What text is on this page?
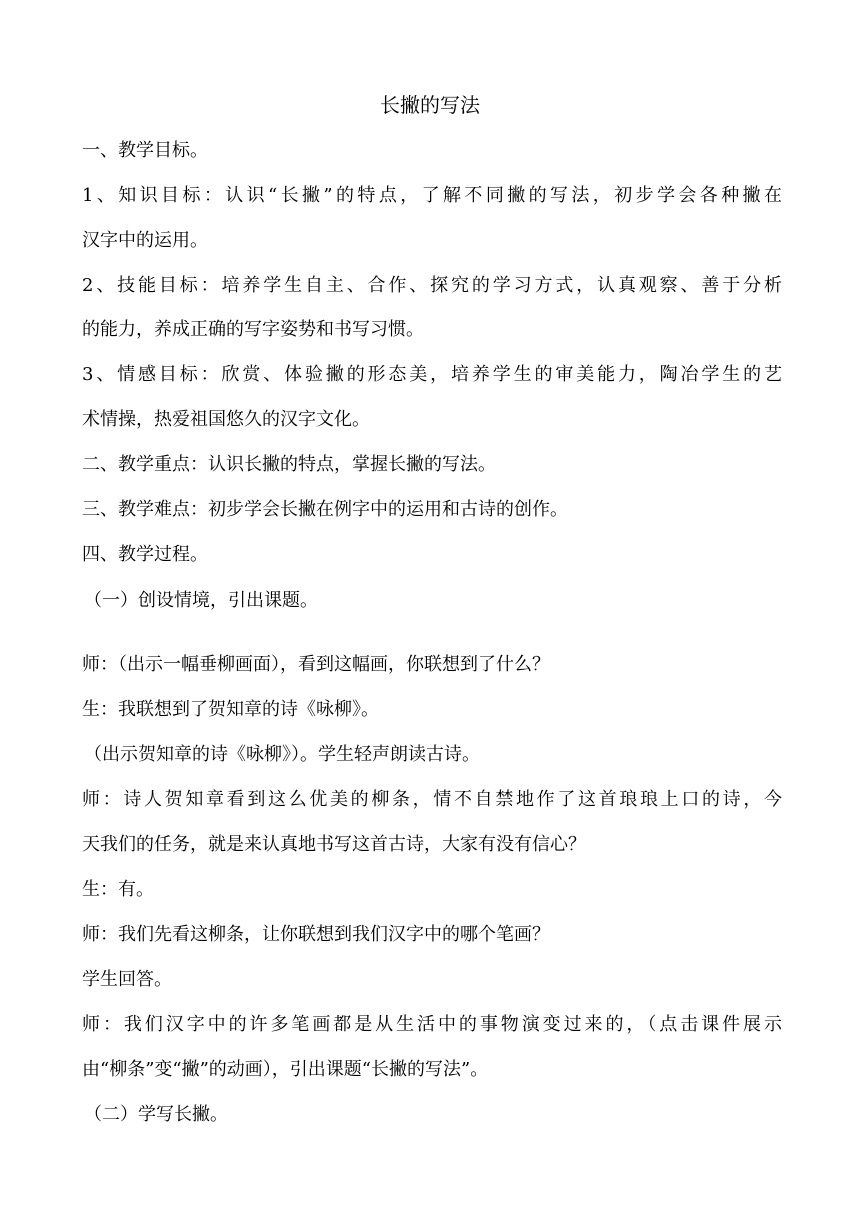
长撇的写法
一、教学目标。
1、知识目标：认识“长撇”的特点，了解不同撇的写法，初步学会各种撇在
汉字中的运用。
2、技能目标：培养学生自主、合作、探究的学习方式，认真观察、善于分析
的能力，养成正确的写字姿势和书写习惯。
3、情感目标：欣赏、体验撇的形态美，培养学生的审美能力，陶冶学生的艺
术情操，热爱祖国悠久的汉字文化。
二、教学重点：认识长撇的特点，掌握长撇的写法。
三、教学难点：初步学会长撇在例字中的运用和古诗的创作。
四、教学过程。
（一）创设情境，引出课题。
师：（出示一幅垂柳画面），看到这幅画，你联想到了什么？
生：我联想到了贺知章的诗《咏柳》。
（出示贺知章的诗《咏柳》）。学生轻声朗读古诗。
师：诗人贺知章看到这么优美的柳条，情不自禁地作了这首琅琅上口的诗，今
天我们的任务，就是来认真地书写这首古诗，大家有没有信心？
生：有。
师：我们先看这柳条，让你联想到我们汉字中的哪个笔画？
学生回答。
师：我们汉字中的许多笔画都是从生活中的事物演变过来的，（点击课件展示
由“柳条”变“撇”的动画），引出课题“长撇的写法”。
（二）学写长撇。
